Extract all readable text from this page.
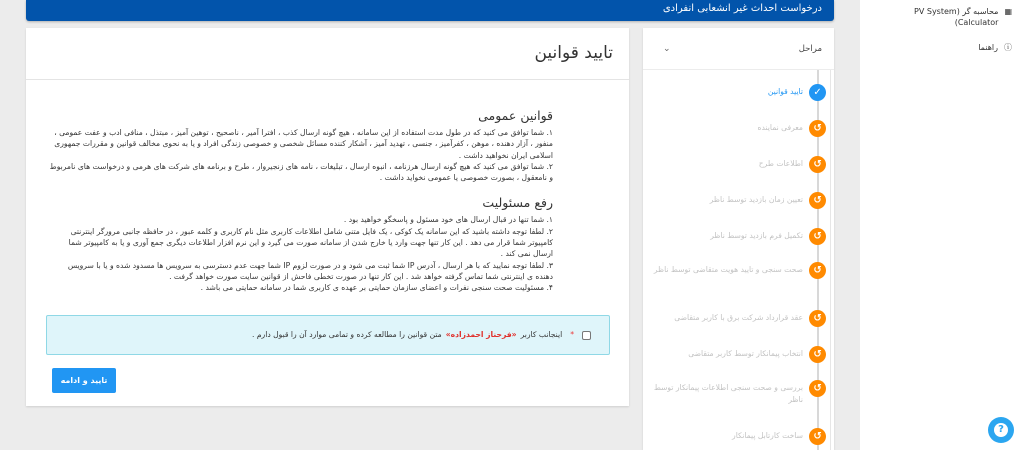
درخواست احداث غیر انشعابی انفرادی
تایید قوانین
قوانین عمومی
۱. شما توافق می کنید که در طول مدت استفاده از این سامانه ، هیچ گونه ارسال کذب ، افترا آمیر ، ناصحیح ، توهین آمیز ، مبتذل ، منافی ادب و عفت عمومی ، منفور ، آزار دهنده ، موهن ، کفرآمیز ، جنسی ، تهدید آمیز ، آشکار کننده مسائل شخصی و خصوصی زندگی افراد و یا به نحوی مخالف قوانین و مقررات جمهوری اسلامی ایران نخواهید داشت .
۲. شما توافق می کنید که هیچ گونه ارسال هرزنامه ، انبوه ارسال ، تبلیغات ، نامه های زنجیروار ، طرح و برنامه های شرکت های هرمی و درخواست های نامربوط و نامعقول ، بصورت خصوصی یا عمومی نخواید داشت .
رفع مسئولیت
۱. شما تنها در قبال ارسال های خود مسئول و پاسخگو خواهید بود .
۲. لطفا توجه داشته باشید که این سامانه یک کوکی ، یک فایل متنی شامل اطلاعات کاربری مثل نام کاربری و کلمه عبور ، در حافظه جانبی مرورگر اینترنتی کامپیوتر شما قرار می دهد . این کار تنها جهت وارد یا خارج شدن از سامانه صورت می گیرد و این نرم افزار اطلاعات دیگری جمع آوری و یا به کامپیوتر شما ارسال نمی کند .
۳. لطفا توجه نمایید که با هر ارسال ، آدرس IP شما ثبت می شود و در صورت لزوم IP شما جهت عدم دسترسی به سرویس ها مسدود شده و یا با سرویس دهنده ی اینترنتی شما تماس گرفته خواهد شد . این کار تنها در صورت تخطی فاحش از قوانین سایت صورت خواهد گرفت .
۴. مسئولیت صحت سنجی نفرات و اعضای سازمان حمایتی بر عهده ی کاربری شما در سامانه حمایتی می باشد .
*
اینجانب کاربر
«فرحناز احمدزاده»
متن قوانین را مطالعه کرده و تمامی موارد آن را قبول دارم .
تایید و ادامه
مراحل
⌄
✓
تایید قوانین
↺
معرفی نماینده
↺
اطلاعات طرح
↺
تعیین زمان بازدید توسط ناظر
↺
تکمیل فرم بازدید توسط ناظر
↺
صحت سنجی و تایید هویت متقاضی توسط ناظر
↺
عقد قرارداد شرکت برق با کاربر متقاضی
↺
انتخاب پیمانکار توسط کاربر متقاضی
↺
بررسی و صحت سنجی اطلاعات پیمانکار توسط ناظر
↺
ساخت کارتابل پیمانکار
▦
محاسبه گر (PV System Calculator)
ⓘ
راهنما
?
